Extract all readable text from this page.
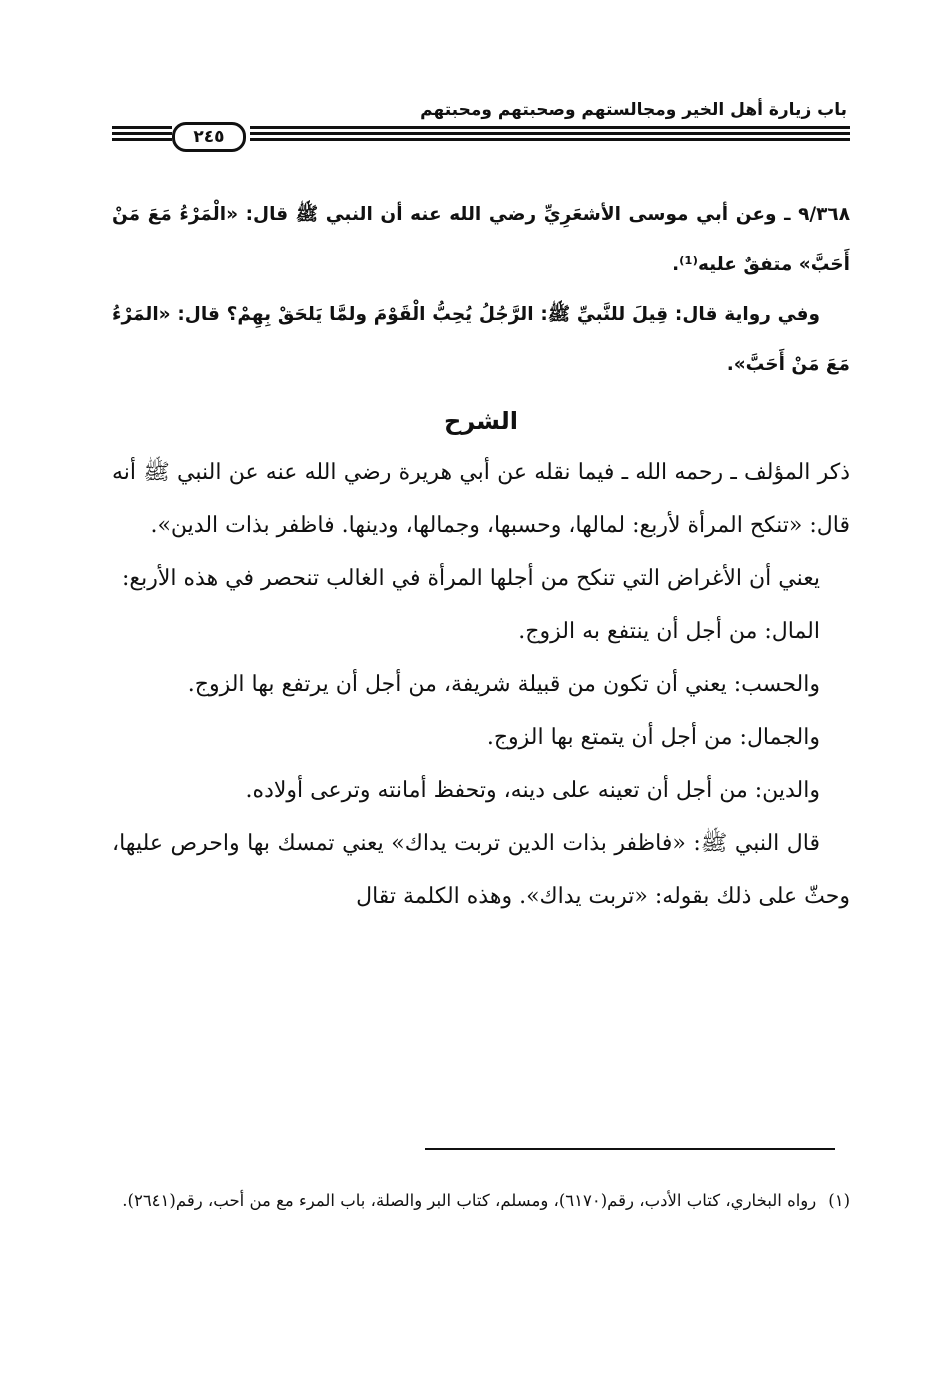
باب زيارة أهل الخير ومجالستهم وصحبتهم ومحبتهم
٢٤٥

٩/٣٦٨ ـ وعن أبي موسى الأشعَرِيِّ رضي الله عنه أن النبي ﷺ قال: «الْمَرْءُ مَعَ مَنْ أَحَبَّ» متفقٌ عليه⁽¹⁾.

وفي رواية قال: قِيلَ للنَّبيِّ ﷺ: الرَّجُلُ يُحِبُّ الْقَوْمَ ولمَّا يَلحَقْ بِهِمْ؟ قال: «المَرْءُ مَعَ مَنْ أَحَبَّ».

الشرح

ذكر المؤلف ـ رحمه الله ـ فيما نقله عن أبي هريرة رضي الله عنه عن النبي ﷺ أنه قال: «تنكح المرأة لأربع: لمالها، وحسبها، وجمالها، ودينها. فاظفر بذات الدين».

يعني أن الأغراض التي تنكح من أجلها المرأة في الغالب تنحصر في هذه الأربع:

المال: من أجل أن ينتفع به الزوج.

والحسب: يعني أن تكون من قبيلة شريفة، من أجل أن يرتفع بها الزوج.

والجمال: من أجل أن يتمتع بها الزوج.

والدين: من أجل أن تعينه على دينه، وتحفظ أمانته وترعى أولاده.

قال النبي ﷺ: «فاظفر بذات الدين تربت يداك» يعني تمسك بها واحرص عليها، وحثّ على ذلك بقوله: «تربت يداك». وهذه الكلمة تقال

(١)رواه البخاري، كتاب الأدب، رقم(٦١٧٠)، ومسلم، كتاب البر والصلة، باب المرء مع من أحب، رقم(٢٦٤١).
